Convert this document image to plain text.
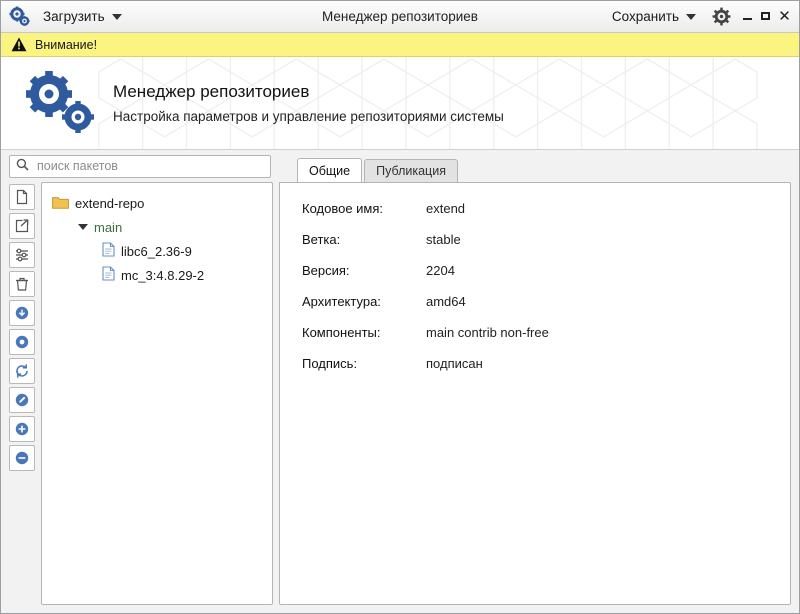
Загрузить	Менеджер репозиториев	Сохранить	✕
Внимание!
Менеджер репозиториев
Настройка параметров и управление репозиториями системы
поиск пакетов
extend-repo
main
libc6_2.36-9
mc_3:4.8.29-2
Общие	Публикация
Кодовое имя:	extend
Ветка:	stable
Версия:	2204
Архитектура:	amd64
Компоненты:	main contrib non-free
Подпись:	подписан
